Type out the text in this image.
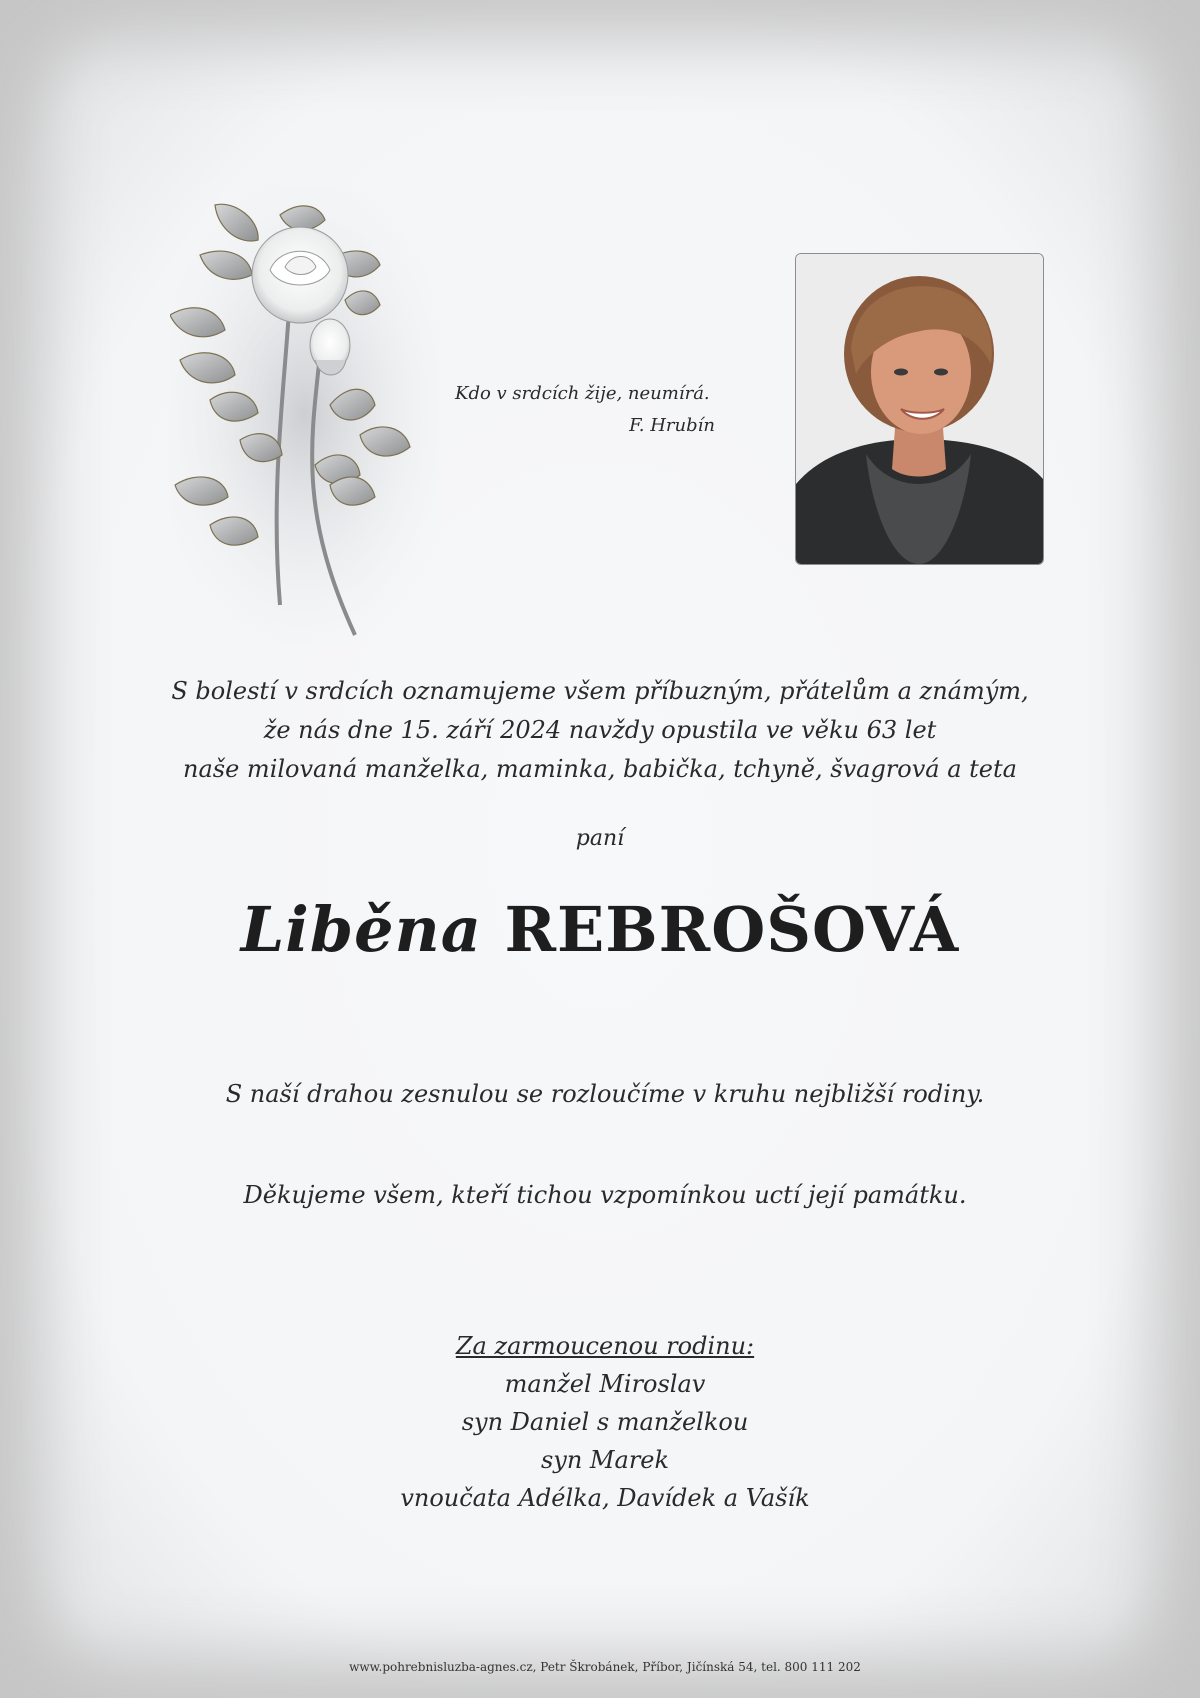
Kdo v srdcích žije, neumírá.
F. Hrubín
S bolestí v srdcích oznamujeme všem příbuzným, přátelům a známým,
že nás dne 15. září 2024 navždy opustila ve věku 63 let
naše milovaná manželka, maminka, babička, tchyně, švagrová a teta
paní
Liběna REBROŠOVÁ
S naší drahou zesnulou se rozloučíme v kruhu nejbližší rodiny.
Děkujeme všem, kteří tichou vzpomínkou uctí její památku.
Za zarmoucenou rodinu:
manžel Miroslav
syn Daniel s manželkou
syn Marek
vnoučata Adélka, Davídek a Vašík
www.pohrebnisluzba-agnes.cz, Petr Škrobánek, Příbor, Jičínská 54, tel. 800 111 202
